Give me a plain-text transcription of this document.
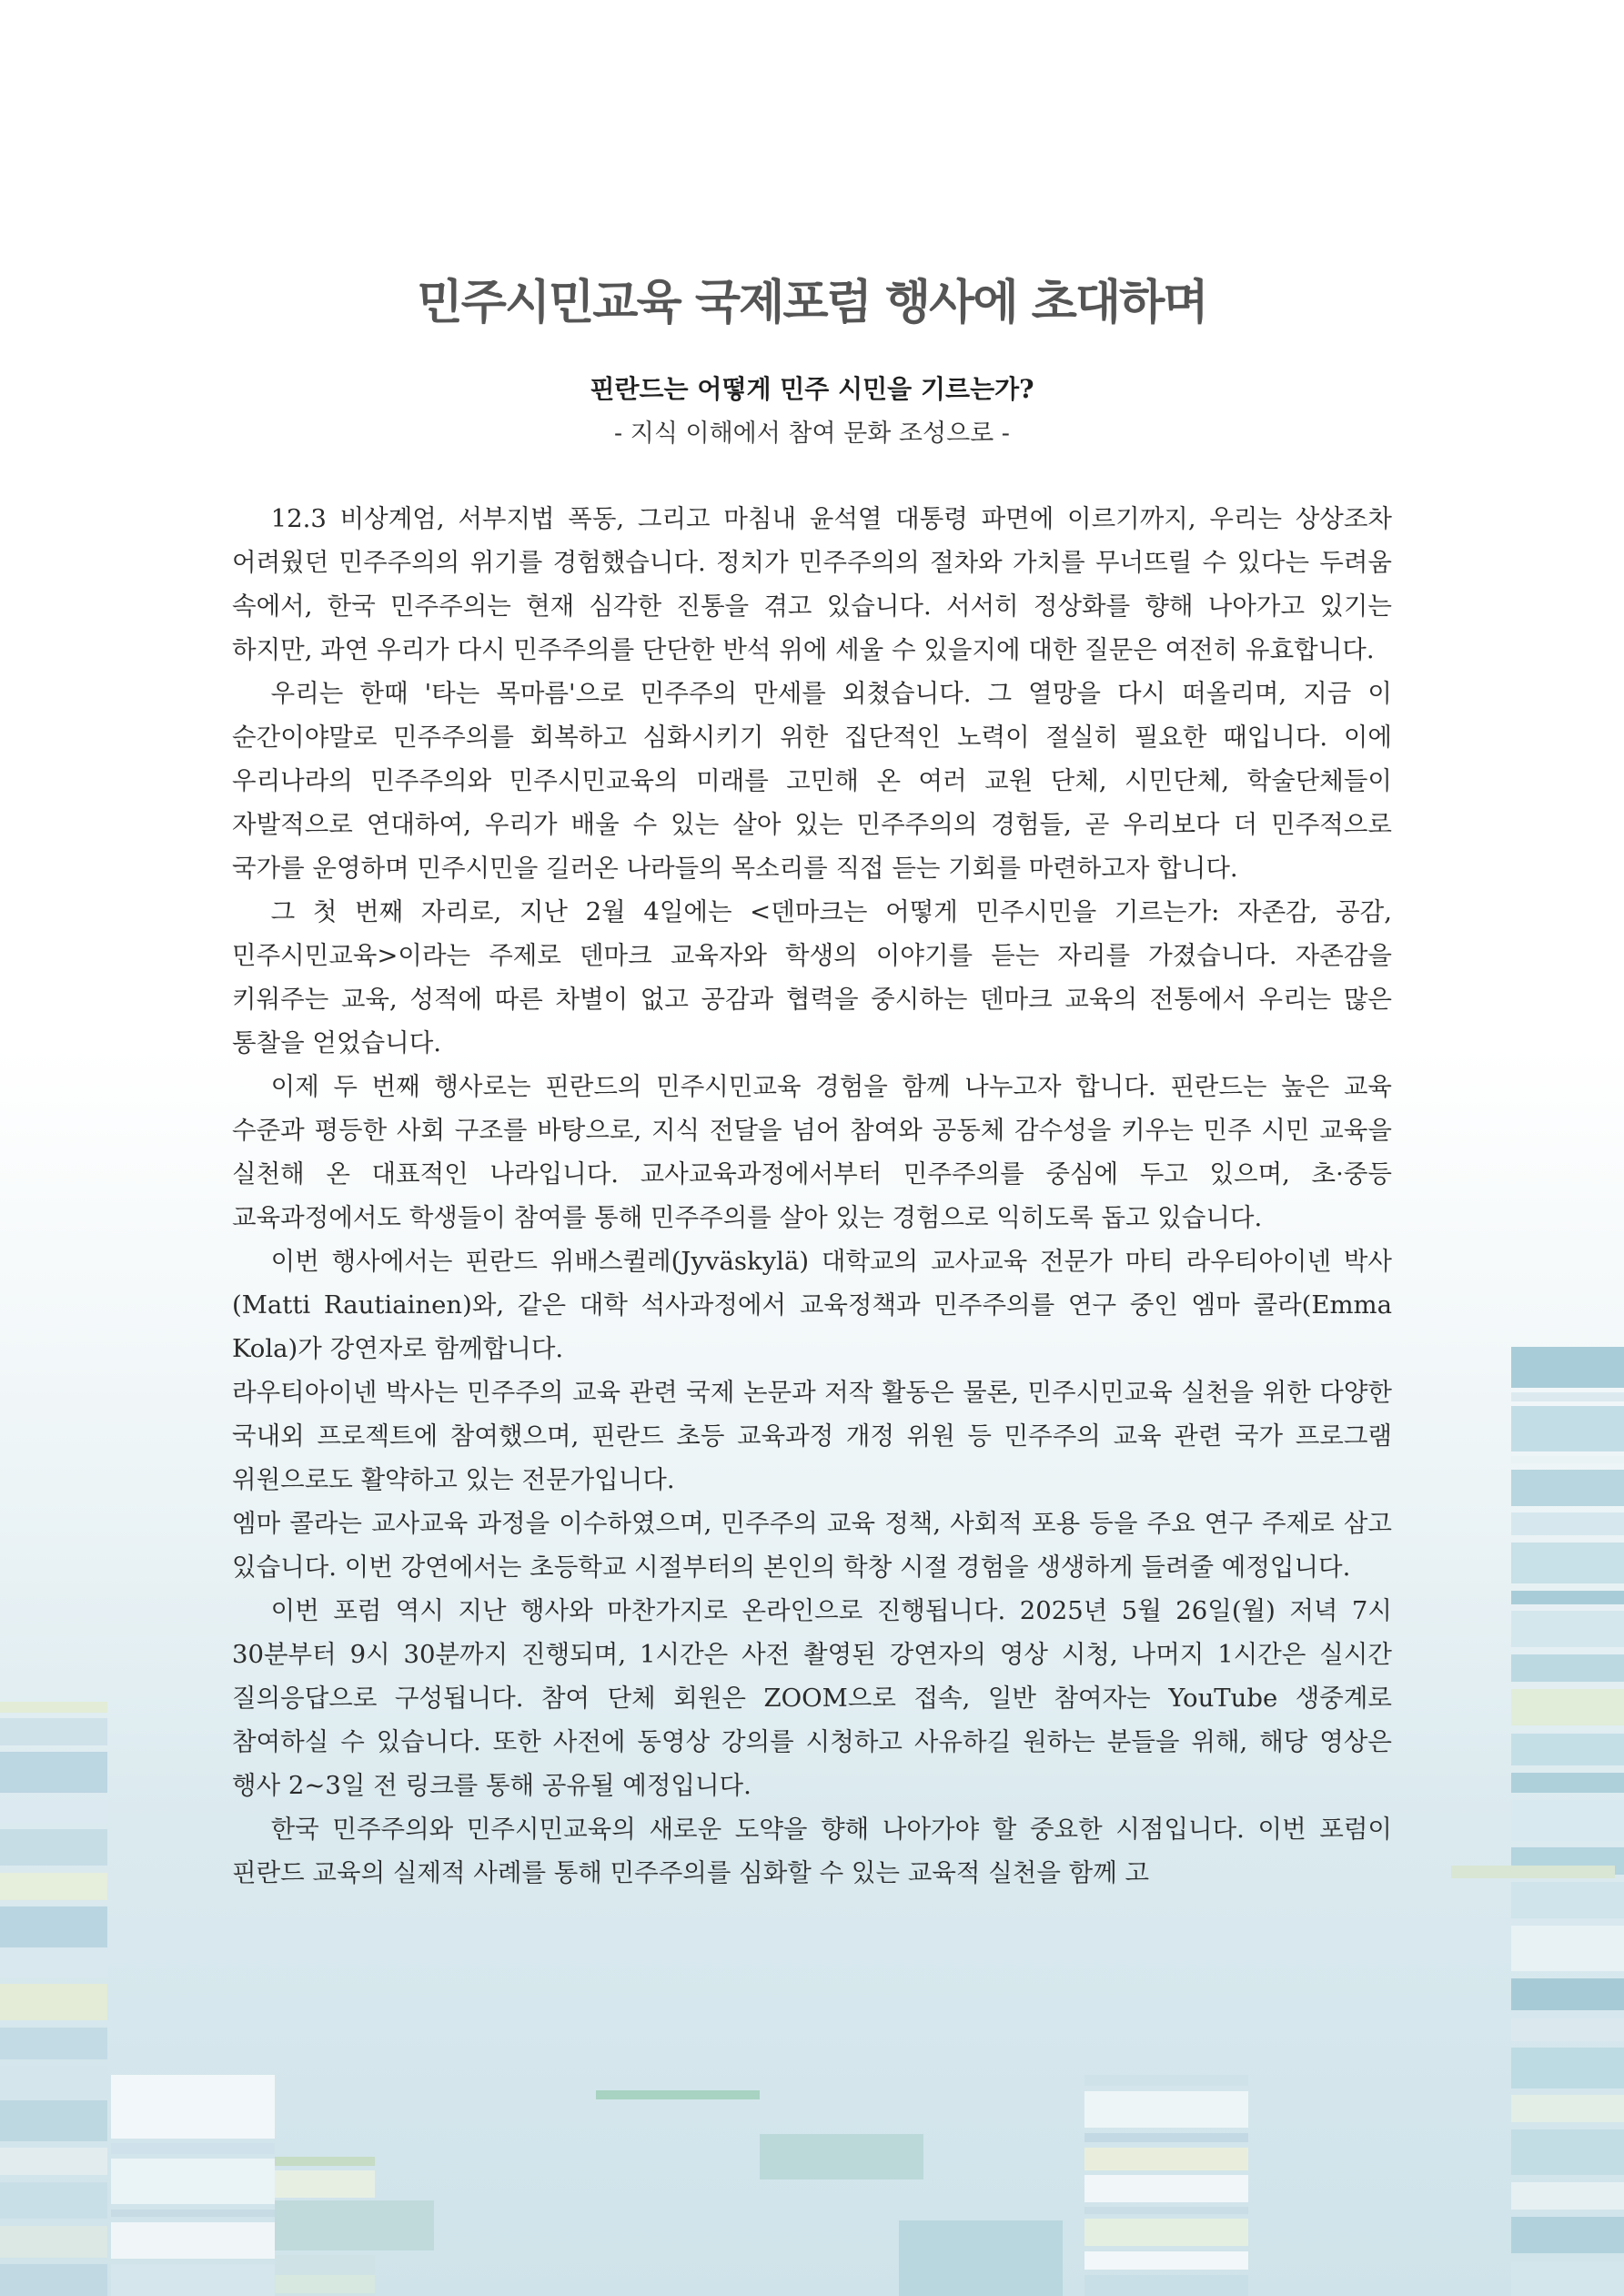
민주시민교육 국제포럼 행사에 초대하며
핀란드는 어떻게 민주 시민을 기르는가?
- 지식 이해에서 참여 문화 조성으로 -

12.3 비상계엄, 서부지법 폭동, 그리고 마침내 윤석열 대통령 파면에 이르기까지, 우리는 상상조차 어려웠던 민주주의의 위기를 경험했습니다. 정치가 민주주의의 절차와 가치를 무너뜨릴 수 있다는 두려움 속에서, 한국 민주주의는 현재 심각한 진통을 겪고 있습니다. 서서히 정상화를 향해 나아가고 있기는 하지만, 과연 우리가 다시 민주주의를 단단한 반석 위에 세울 수 있을지에 대한 질문은 여전히 유효합니다.

우리는 한때 '타는 목마름'으로 민주주의 만세를 외쳤습니다. 그 열망을 다시 떠올리며, 지금 이 순간이야말로 민주주의를 회복하고 심화시키기 위한 집단적인 노력이 절실히 필요한 때입니다. 이에 우리나라의 민주주의와 민주시민교육의 미래를 고민해 온 여러 교원 단체, 시민단체, 학술단체들이 자발적으로 연대하여, 우리가 배울 수 있는 살아 있는 민주주의의 경험들, 곧 우리보다 더 민주적으로 국가를 운영하며 민주시민을 길러온 나라들의 목소리를 직접 듣는 기회를 마련하고자 합니다.

그 첫 번째 자리로, 지난 2월 4일에는 <덴마크는 어떻게 민주시민을 기르는가: 자존감, 공감, 민주시민교육>이라는 주제로 덴마크 교육자와 학생의 이야기를 듣는 자리를 가졌습니다. 자존감을 키워주는 교육, 성적에 따른 차별이 없고 공감과 협력을 중시하는 덴마크 교육의 전통에서 우리는 많은 통찰을 얻었습니다.

이제 두 번째 행사로는 핀란드의 민주시민교육 경험을 함께 나누고자 합니다. 핀란드는 높은 교육 수준과 평등한 사회 구조를 바탕으로, 지식 전달을 넘어 참여와 공동체 감수성을 키우는 민주 시민 교육을 실천해 온 대표적인 나라입니다. 교사교육과정에서부터 민주주의를 중심에 두고 있으며, 초·중등 교육과정에서도 학생들이 참여를 통해 민주주의를 살아 있는 경험으로 익히도록 돕고 있습니다.

이번 행사에서는 핀란드 위배스퀼레(Jyväskylä) 대학교의 교사교육 전문가 마티 라우티아이넨 박사(Matti Rautiainen)와, 같은 대학 석사과정에서 교육정책과 민주주의를 연구 중인 엠마 콜라(Emma Kola)가 강연자로 함께합니다.

라우티아이넨 박사는 민주주의 교육 관련 국제 논문과 저작 활동은 물론, 민주시민교육 실천을 위한 다양한 국내외 프로젝트에 참여했으며, 핀란드 초등 교육과정 개정 위원 등 민주주의 교육 관련 국가 프로그램 위원으로도 활약하고 있는 전문가입니다.

엠마 콜라는 교사교육 과정을 이수하였으며, 민주주의 교육 정책, 사회적 포용 등을 주요 연구 주제로 삼고 있습니다. 이번 강연에서는 초등학교 시절부터의 본인의 학창 시절 경험을 생생하게 들려줄 예정입니다.

이번 포럼 역시 지난 행사와 마찬가지로 온라인으로 진행됩니다. 2025년 5월 26일(월) 저녁 7시 30분부터 9시 30분까지 진행되며, 1시간은 사전 촬영된 강연자의 영상 시청, 나머지 1시간은 실시간 질의응답으로 구성됩니다. 참여 단체 회원은 ZOOM으로 접속, 일반 참여자는 YouTube 생중계로 참여하실 수 있습니다. 또한 사전에 동영상 강의를 시청하고 사유하길 원하는 분들을 위해, 해당 영상은 행사 2~3일 전 링크를 통해 공유될 예정입니다.

한국 민주주의와 민주시민교육의 새로운 도약을 향해 나아가야 할 중요한 시점입니다. 이번 포럼이 핀란드 교육의 실제적 사례를 통해 민주주의를 심화할 수 있는 교육적 실천을 함께 고
